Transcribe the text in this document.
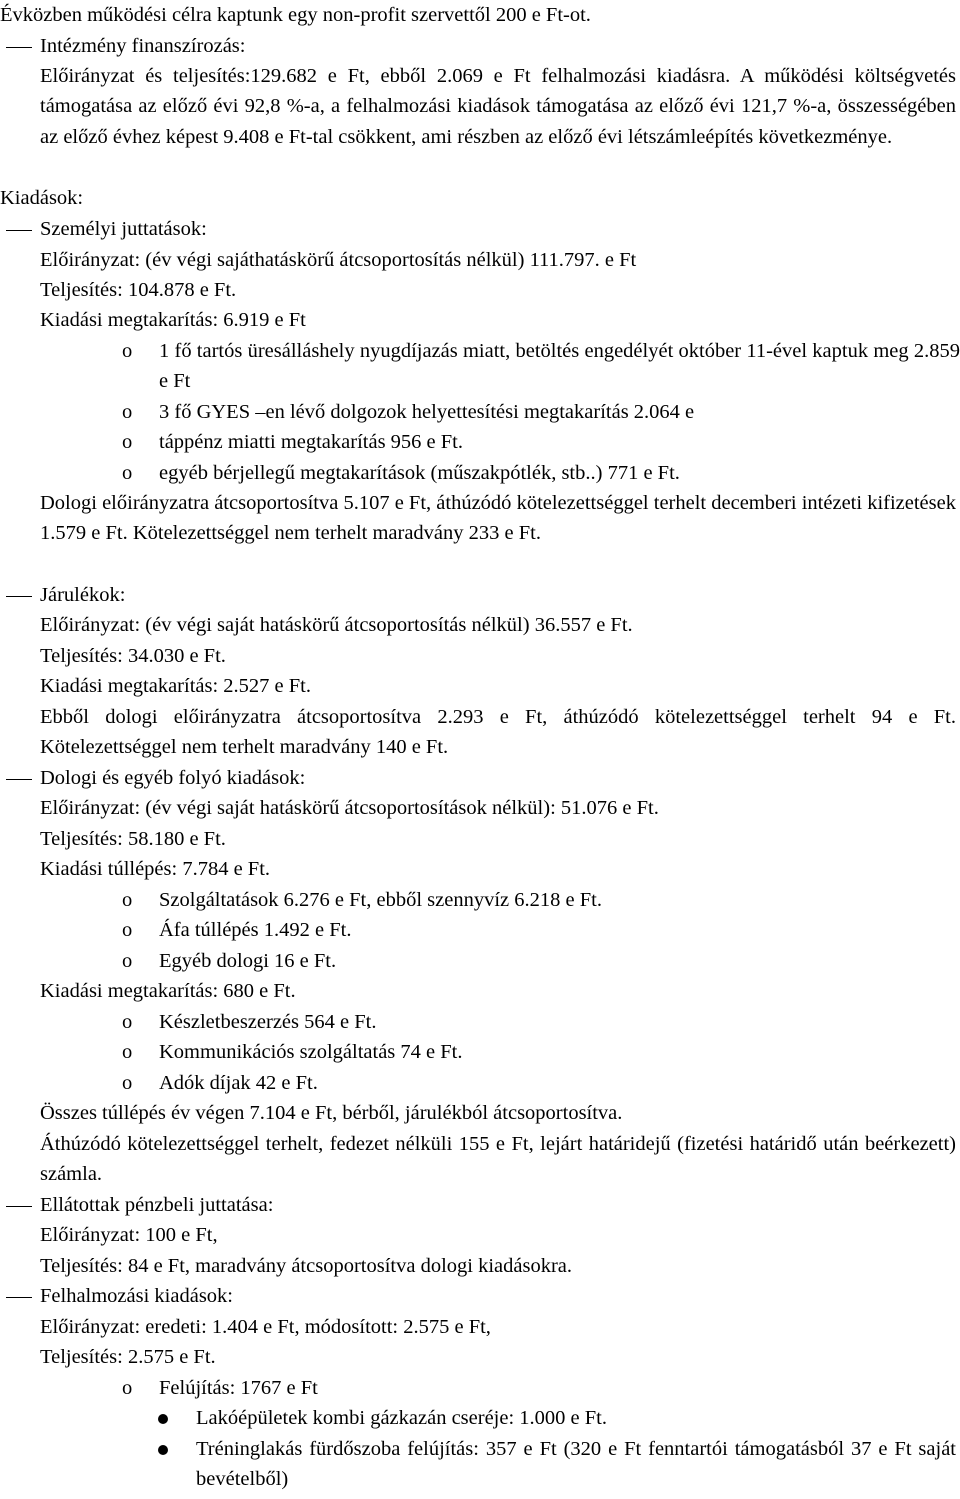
Évközben működési célra kaptunk egy non-profit szervettől 200 e Ft-ot.

Intézmény finanszírozás:

Előirányzat és teljesítés:129.682 e Ft, ebből 2.069 e Ft felhalmozási kiadásra. A működési költségvetés támogatása az előző évi 92,8 %-a, a felhalmozási kiadások támogatása az előző évi 121,7 %-a, összességében az előző évhez képest 9.408 e Ft-tal csökkent, ami részben az előző évi létszámleépítés következménye.

Kiadások:

Személyi juttatások:

Előirányzat: (év végi sajáthatáskörű átcsoportosítás nélkül) 111.797. e Ft

Teljesítés: 104.878 e Ft.

Kiadási megtakarítás: 6.919 e Ft

o 1 fő tartós üresálláshely nyugdíjazás miatt, betöltés engedélyét október 11-ével kaptuk meg 2.859 e Ft

o 3 fő GYES –en lévő dolgozok helyettesítési megtakarítás 2.064 e

o táppénz miatti megtakarítás 956 e Ft.

o egyéb bérjellegű megtakarítások (műszakpótlék, stb..) 771 e Ft.

Dologi előirányzatra átcsoportosítva 5.107 e Ft, áthúzódó kötelezettséggel terhelt decemberi intézeti kifizetések 1.579 e Ft. Kötelezettséggel nem terhelt maradvány 233 e Ft.

Járulékok:

Előirányzat: (év végi saját hatáskörű átcsoportosítás nélkül) 36.557 e Ft.

Teljesítés: 34.030 e Ft.

Kiadási megtakarítás: 2.527 e Ft.

Ebből dologi előirányzatra átcsoportosítva 2.293 e Ft, áthúzódó kötelezettséggel terhelt 94 e Ft. Kötelezettséggel nem terhelt maradvány 140 e Ft.

Dologi és egyéb folyó kiadások:

Előirányzat: (év végi saját hatáskörű átcsoportosítások nélkül): 51.076 e Ft.

Teljesítés: 58.180 e Ft.

Kiadási túllépés: 7.784 e Ft.

o Szolgáltatások 6.276 e Ft, ebből szennyvíz 6.218 e Ft.

o Áfa túllépés 1.492 e Ft.

o Egyéb dologi 16 e Ft.

Kiadási megtakarítás: 680 e Ft.

o Készletbeszerzés 564 e Ft.

o Kommunikációs szolgáltatás 74 e Ft.

o Adók díjak 42 e Ft.

Összes túllépés év végen 7.104 e Ft, bérből, járulékból átcsoportosítva.

Áthúzódó kötelezettséggel terhelt, fedezet nélküli 155 e Ft, lejárt határidejű (fizetési határidő után beérkezett) számla.

Ellátottak pénzbeli juttatása:

Előirányzat: 100 e Ft,

Teljesítés: 84 e Ft, maradvány átcsoportosítva dologi kiadásokra.

Felhalmozási kiadások:

Előirányzat: eredeti: 1.404 e Ft, módosított: 2.575 e Ft,

Teljesítés: 2.575 e Ft.

o Felújítás: 1767 e Ft

Lakóépületek kombi gázkazán cseréje: 1.000 e Ft.

Tréninglakás fürdőszoba felújítás: 357 e Ft (320 e Ft fenntartói támogatásból 37 e Ft saját bevételből)
